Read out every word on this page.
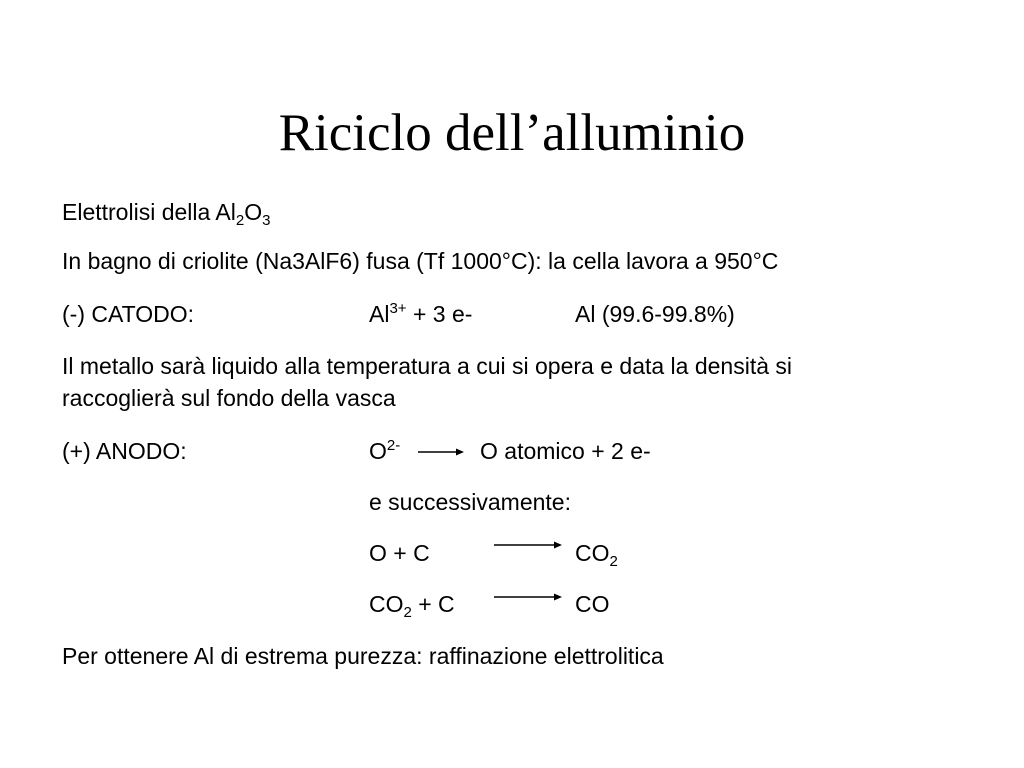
Riciclo dell’alluminio
Elettrolisi della $Al_2O_3$
In bagno di criolite (Na3AlF6) fusa (Tf 1000°C): la cella lavora a 950°C
(-) CATODO:	$Al^{3+} + 3$ e-	Al (99.6-99.8%)
Il metallo sarà liquido alla temperatura a cui si opera e data la densità si
raccoglierà sul fondo della vasca
(+) ANODO:	$O^{2-}$	O atomico + 2 e-
e successivamente:
O + C	$CO_2$
$CO_2 + C$	CO
Per ottenere Al di estrema purezza: raffinazione elettrolitica
